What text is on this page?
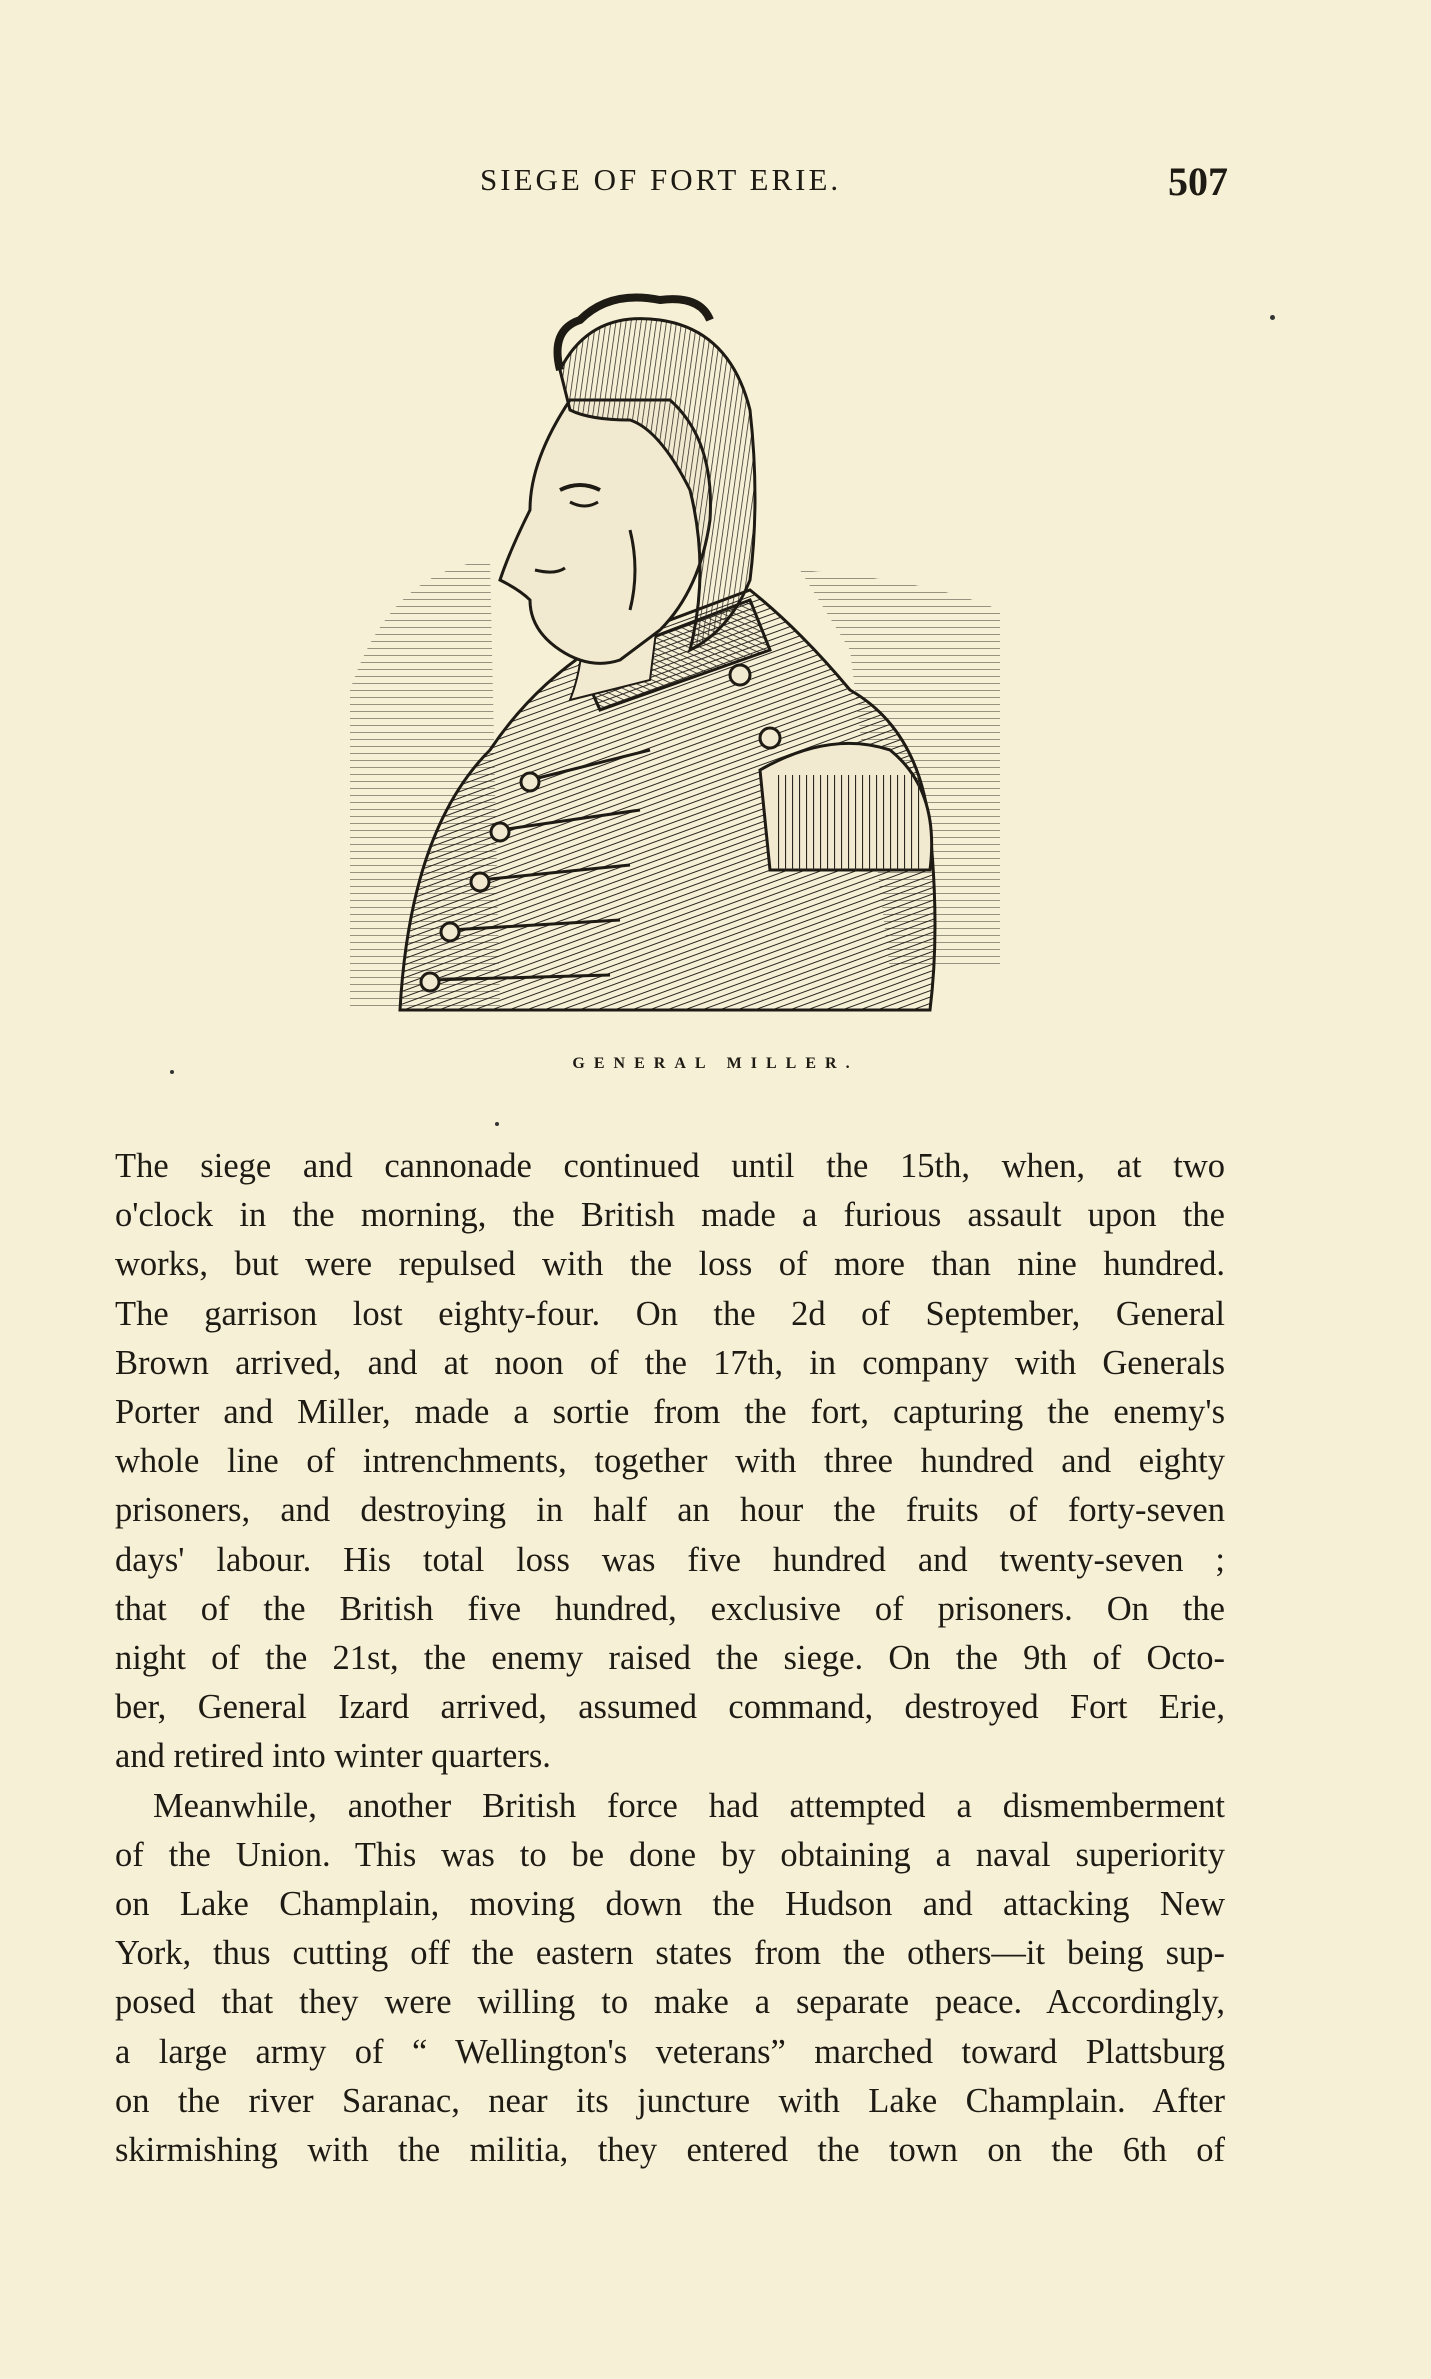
SIEGE OF FORT ERIE.	507
GENERAL MILLER.

The siege and cannonade continued until the 15th, when, at two
o'clock in the morning, the British made a furious assault upon the
works, but were repulsed with the loss of more than nine hundred.
The garrison lost eighty-four. On the 2d of September, General
Brown arrived, and at noon of the 17th, in company with Generals
Porter and Miller, made a sortie from the fort, capturing the enemy's
whole line of intrenchments, together with three hundred and eighty
prisoners, and destroying in half an hour the fruits of forty-seven
days' labour. His total loss was five hundred and twenty-seven ;
that of the British five hundred, exclusive of prisoners. On the
night of the 21st, the enemy raised the siege. On the 9th of Octo-
ber, General Izard arrived, assumed command, destroyed Fort Erie,
and retired into winter quarters.

Meanwhile, another British force had attempted a dismemberment
of the Union. This was to be done by obtaining a naval superiority
on Lake Champlain, moving down the Hudson and attacking New
York, thus cutting off the eastern states from the others—it being sup-
posed that they were willing to make a separate peace. Accordingly,
a large army of “ Wellington's veterans” marched toward Plattsburg
on the river Saranac, near its juncture with Lake Champlain. After
skirmishing with the militia, they entered the town on the 6th of
